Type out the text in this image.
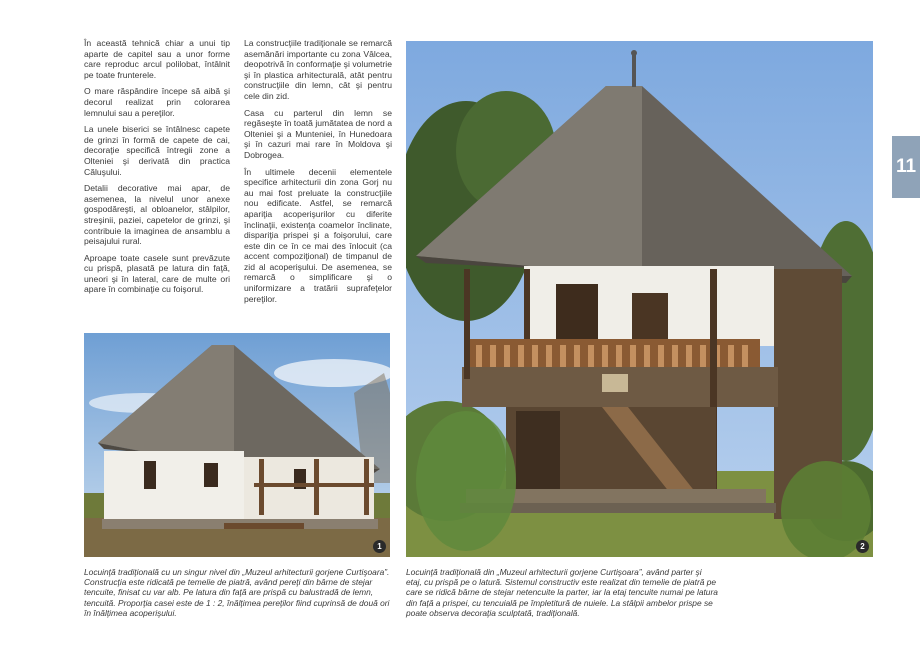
În această tehnică chiar a unui tip aparte de capitel sau a unor forme care reproduc arcul polilobat, întâlnit pe toate frunterele.

O mare răspândire începe să aibă şi decorul realizat prin colorarea lemnului sau a pereţilor.

La unele biserici se întâlnesc capete de grinzi în formă de capete de cai, decoraţie specifică întregii zone a Olteniei şi derivată din practica Căluşului.

Detalii decorative mai apar, de asemenea, la nivelul unor anexe gospodăreşti, al obloanelor, stâlpilor, streşinii, paziei, capetelor de grinzi, şi contribuie la imaginea de ansamblu a peisajului rural.

Aproape toate casele sunt prevăzute cu prispă, plasată pe latura din faţă, uneori şi în lateral, care de multe ori apare în combinaţie cu foişorul.

La construcţiile tradiţionale se remarcă asemănări importante cu zona Vâlcea, deopotrivă în conformaţie şi volumetrie şi în plastica arhitecturală, atât pentru construcţiile din lemn, cât şi pentru cele din zid.

Casa cu parterul din lemn se regăseşte în toată jumătatea de nord a Olteniei şi a Munteniei, în Hunedoara şi în cazuri mai rare în Moldova şi Dobrogea.

În ultimele decenii elementele specifice arhitecturii din zona Gorj nu au mai fost preluate la construcţiile nou edificate. Astfel, se remarcă apariţia acoperişurilor cu diferite înclinaţii, existenţa coamelor înclinate, dispariţia prispei şi a foişorului, care este din ce în ce mai des înlocuit (ca accent compoziţional) de timpanul de zid al acoperişului. De asemenea, se remarcă o simplificare şi o uniformizare a tratării suprafeţelor pereţilor.

1	2
Locuinţă tradiţională cu un singur nivel din „Muzeul arhitecturii gorjene Curtişoara”. Construcţia este ridicată pe temelie de piatră, având pereţi din bârne de stejar tencuite, finisat cu var alb. Pe latura din faţă are prispă cu balustradă de lemn, tencuită. Proporţia casei este de 1 : 2, înălţimea pereţilor fiind cuprinsă de două ori în înălţimea acoperişului.
Locuinţă tradiţională din „Muzeul arhitecturii gorjene Curtişoara”, având parter şi etaj, cu prispă pe o latură. Sistemul constructiv este realizat din temelie de piatră pe care se ridică bârne de stejar netencuite la parter, iar la etaj tencuite numai pe latura din faţă a prispei, cu tencuială pe împletitură de nuiele. La stâlpii ambelor prispe se poate observa decoraţia sculptată, tradiţională.
11
